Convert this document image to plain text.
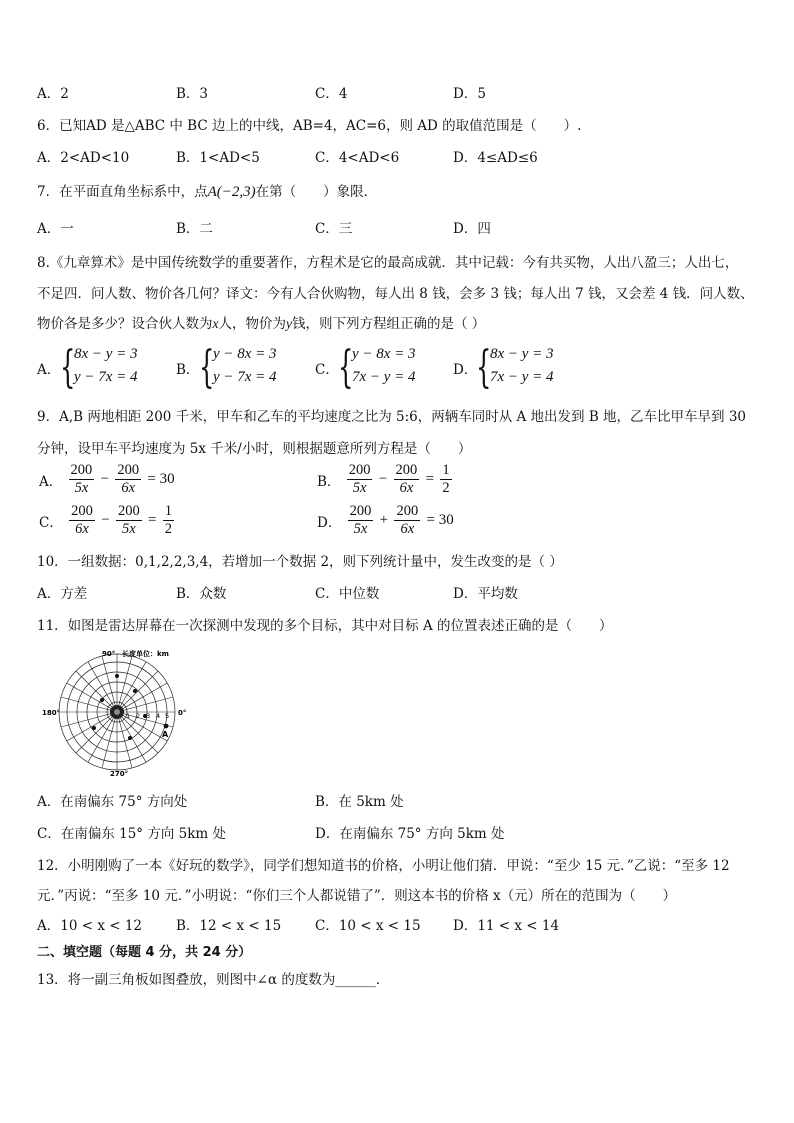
A．2	B．3	C．4	D．5
6．已知AD 是△ABC 中 BC 边上的中线，AB=4，AC=6，则 AD 的取值范围是（　　）.
A．2<AD<10	B．1<AD<5	C．4<AD<6	D．4≤AD≤6
7．在平面直角坐标系中，点A(−2,3)在第（　　）象限．
A．一	B．二	C．三	D．四
8.《九章算术》是中国传统数学的重要著作，方程术是它的最高成就．其中记载：今有共买物，人出八盈三；人出七，
不足四．问人数、物价各几何？译文：今有人合伙购物，每人出 8 钱，会多 3 钱；每人出 7 钱，又会差 4 钱．问人数、
物价各是多少？设合伙人数为x人，物价为y钱，则下列方程组正确的是（ ）
A． {
8x − y = 3
y − 7x = 4	B． {
y − 8x = 3
y − 7x = 4	C． {
y − 8x = 3
7x − y = 4	D．
{
8x − y = 3
7x − y = 4
9．A,B 两地相距 200 千米，甲车和乙车的平均速度之比为 5:6，两辆车同时从 A 地出发到 B 地，乙车比甲车早到 30
分钟，设甲车平均速度为 5x 千米/小时，则根据题意所列方程是（　　）
A． $\frac{200}{5x} - \frac{200}{6x} = 30$	B． $\frac{200}{5x} - \frac{200}{6x} = \frac{1}{2}$
C． $\frac{200}{6x} - \frac{200}{5x} = \frac{1}{2}$	D． $\frac{200}{5x} + \frac{200}{6x} = 30$
10．一组数据：0,1,2,2,3,4，若增加一个数据 2，则下列统计量中，发生改变的是（ ）
A．方差	B．众数	C．中位数	D．平均数
11．如图是雷达屏幕在一次探测中发现的多个目标，其中对目标 A 的位置表述正确的是（　　）
长度单位：km
90°
180°	0°
270°
1 2 3 4 5
A
A．在南偏东 75° 方向处	B．在 5km 处
C．在南偏东 15° 方向 5km 处	D．在南偏东 75° 方向 5km 处
12．小明刚购了一本《好玩的数学》，同学们想知道书的价格，小明让他们猜．甲说：“至少 15 元．”乙说：“至多 12
元．”丙说：“至多 10 元．”小明说：“你们三个人都说错了”．则这本书的价格 x（元）所在的范围为（　　）
A．10 < x < 12	B．12 < x < 15	C．10 < x < 15 D．11 < x < 14
二、填空题（每题 4 分，共 24 分）
13．将一副三角板如图叠放，则图中∠α 的度数为______．
